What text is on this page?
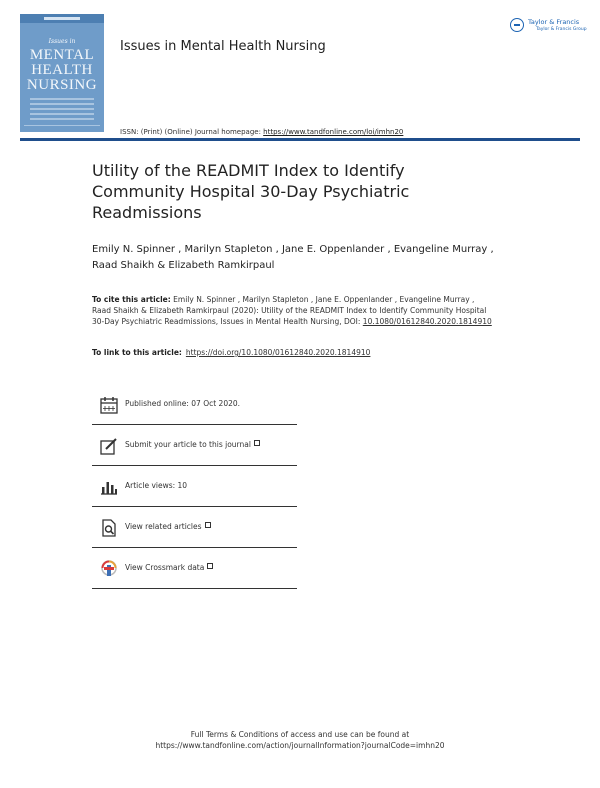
Issues in
MENTAL
HEALTH
NURSING
Issues in Mental Health Nursing
Taylor & Francis
Taylor & Francis Group
ISSN: (Print) (Online) Journal homepage: https://www.tandfonline.com/loi/imhn20
Utility of the READMIT Index to Identify Community Hospital 30-Day Psychiatric Readmissions
Emily N. Spinner , Marilyn Stapleton , Jane E. Oppenlander , Evangeline Murray , Raad Shaikh & Elizabeth Ramkirpaul
To cite this article: Emily N. Spinner , Marilyn Stapleton , Jane E. Oppenlander , Evangeline Murray , Raad Shaikh & Elizabeth Ramkirpaul (2020): Utility of the READMIT Index to Identify Community Hospital 30-Day Psychiatric Readmissions, Issues in Mental Health Nursing, DOI: 10.1080/01612840.2020.1814910
To link to this article: https://doi.org/10.1080/01612840.2020.1814910
Published online: 07 Oct 2020.
Submit your article to this journal
Article views: 10
View related articles
View Crossmark data
Full Terms & Conditions of access and use can be found at
https://www.tandfonline.com/action/journalInformation?journalCode=imhn20
